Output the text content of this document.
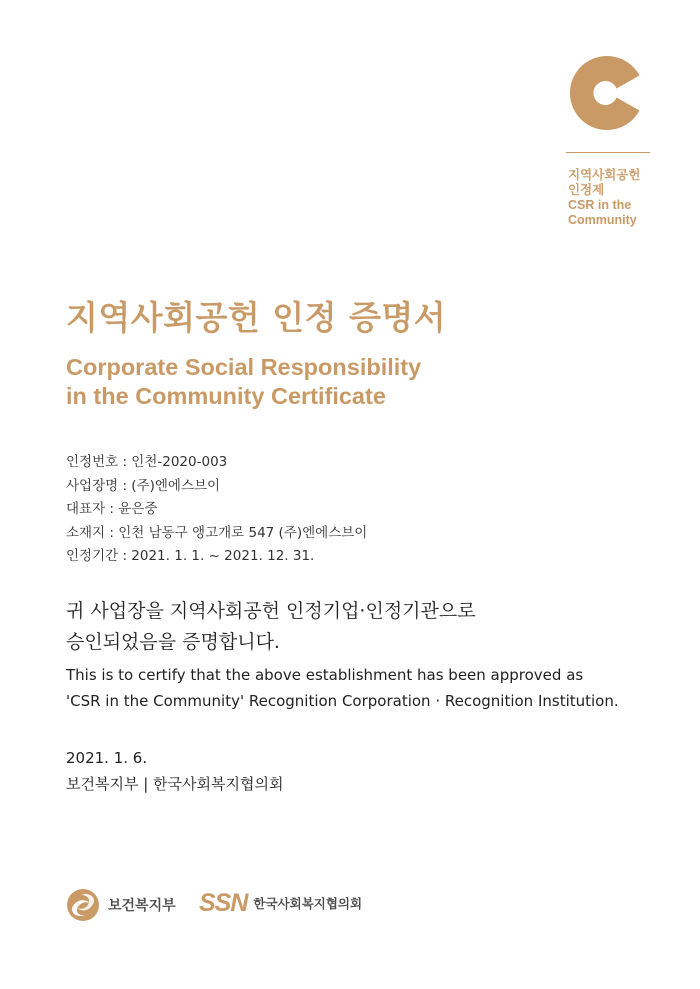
지역사회공헌
인정제
CSR in the
Community
지역사회공헌 인정 증명서
Corporate Social Responsibility
in the Community Certificate
인정번호 : 인천-2020-003
사업장명 : (주)엔에스브이
대표자 : 윤은중
소재지 : 인천 남동구 앵고개로 547 (주)엔에스브이
인정기간 : 2021. 1. 1. ~ 2021. 12. 31.
귀 사업장을 지역사회공헌 인정기업·인정기관으로
승인되었음을 증명합니다.
This is to certify that the above establishment has been approved as
'CSR in the Community' Recognition Corporation · Recognition Institution.
2021. 1. 6.
보건복지부 | 한국사회복지협의회
보건복지부 SSN 한국사회복지협의회
